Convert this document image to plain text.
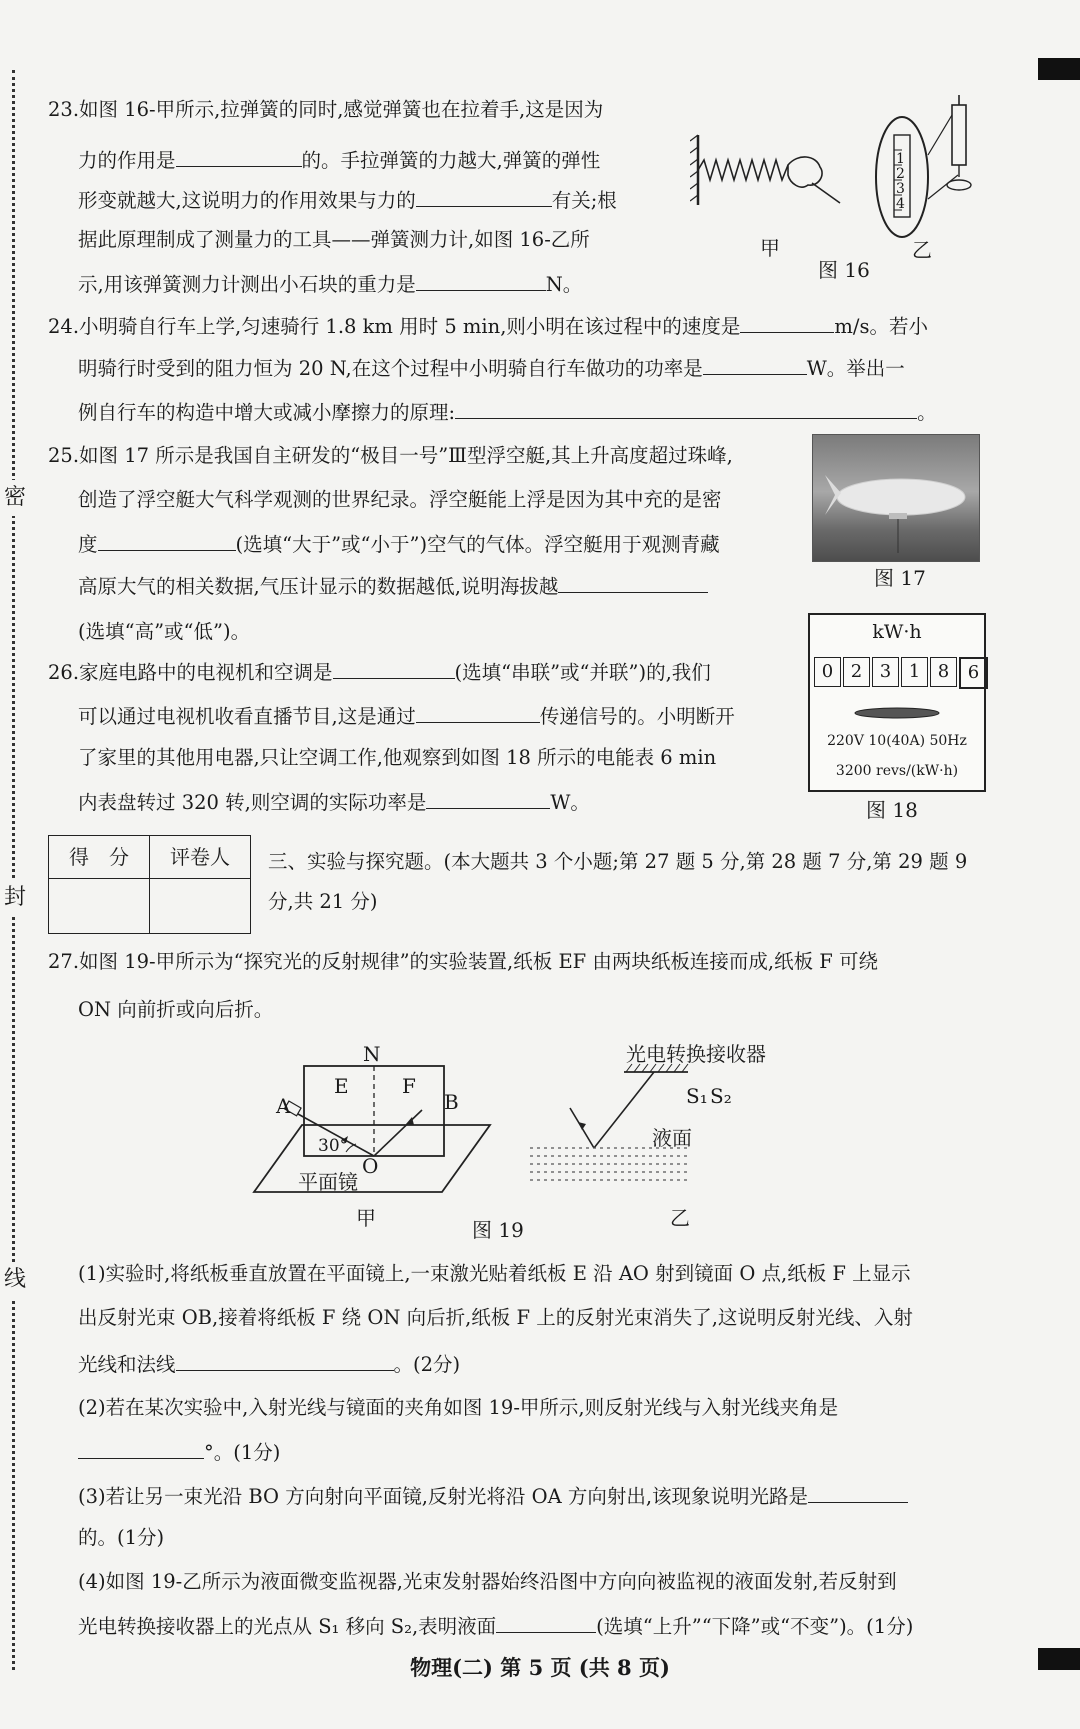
密
封
线
23.如图 16-甲所示,拉弹簧的同时,感觉弹簧也在拉着手,这是因为
力的作用是	的。手拉弹簧的力越大,弹簧的弹性
形变就越大,这说明力的作用效果与力的	有关;根
据此原理制成了测量力的工具——弹簧测力计,如图 16-乙所
示,用该弹簧测力计测出小石块的重力是	N。
1
2
3
4
甲
图 16
乙
24.小明骑自行车上学,匀速骑行 1.8 km 用时 5 min,则小明在该过程中的速度是	m/s。若小
明骑行时受到的阻力恒为 20 N,在这个过程中小明骑自行车做功的功率是	W。举出一
例自行车的构造中增大或减小摩擦力的原理:	。
25.如图 17 所示是我国自主研发的“极目一号”Ⅲ型浮空艇,其上升高度超过珠峰,
创造了浮空艇大气科学观测的世界纪录。浮空艇能上浮是因为其中充的是密
度	(选填“大于”或“小于”)空气的气体。浮空艇用于观测青藏
高原大气的相关数据,气压计显示的数据越低,说明海拔越
(选填“高”或“低”)。
图 17
26.家庭电路中的电视机和空调是	(选填“串联”或“并联”)的,我们
可以通过电视机收看直播节目,这是通过	传递信号的。小明断开
了家里的其他用电器,只让空调工作,他观察到如图 18 所示的电能表 6 min
内表盘转过 320 转,则空调的实际功率是	W。
kW·h
0 2 3 1 8	6
220V 10(40A) 50Hz
3200 revs/(kW·h)
图 18
得　分	评卷人
	三、实验与探究题。(本大题共 3 个小题;第 27 题 5 分,第 28 题 7 分,第 29 题 9
分,共 21 分)
27.如图 19-甲所示为“探究光的反射规律”的实验装置,纸板 EF 由两块纸板连接而成,纸板 F 可绕
ON 向前折或向后折。
N
E	F
A	B
30°
O
平面镜
甲
光电转换接收器
S₁ S₂
液面
乙
图 19
(1)实验时,将纸板垂直放置在平面镜上,一束激光贴着纸板 E 沿 AO 射到镜面 O 点,纸板 F 上显示
出反射光束 OB,接着将纸板 F 绕 ON 向后折,纸板 F 上的反射光束消失了,这说明反射光线、入射
光线和法线	。(2分)
(2)若在某次实验中,入射光线与镜面的夹角如图 19-甲所示,则反射光线与入射光线夹角是
°。(1分)
(3)若让另一束光沿 BO 方向射向平面镜,反射光将沿 OA 方向射出,该现象说明光路是
的。(1分)
(4)如图 19-乙所示为液面微变监视器,光束发射器始终沿图中方向向被监视的液面发射,若反射到
光电转换接收器上的光点从 S₁ 移向 S₂,表明液面	(选填“上升”“下降”或“不变”)。(1分)
物理(二) 第 5 页 (共 8 页)
